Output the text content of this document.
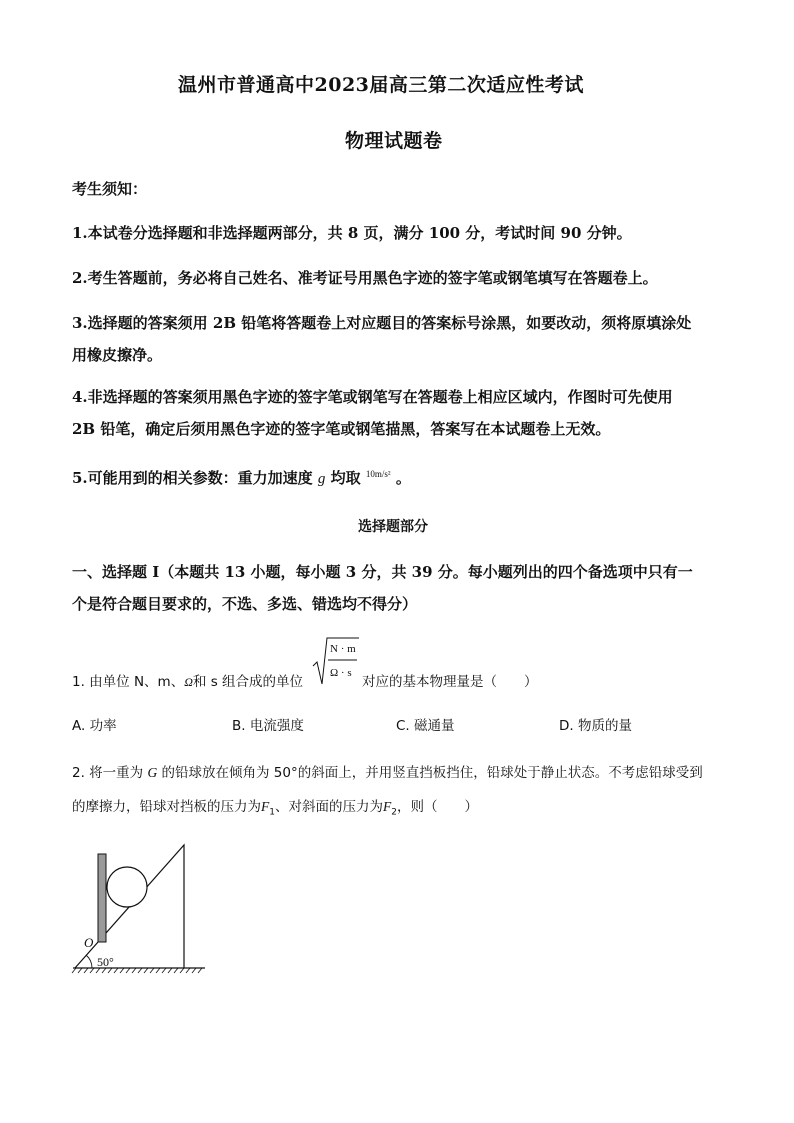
温州市普通高中2023届高三第二次适应性考试
物理试题卷
考生须知：
1.本试卷分选择题和非选择题两部分，共 8 页，满分 100 分，考试时间 90 分钟。
2.考生答题前，务必将自己姓名、准考证号用黑色字迹的签字笔或钢笔填写在答题卷上。
3.选择题的答案须用 2B 铅笔将答题卷上对应题目的答案标号涂黑，如要改动，须将原填涂处
用橡皮擦净。
4.非选择题的答案须用黑色字迹的签字笔或钢笔写在答题卷上相应区域内，作图时可先使用
2B 铅笔，确定后须用黑色字迹的签字笔或钢笔描黑，答案写在本试题卷上无效。
5.可能用到的相关参数：重力加速度 g 均取 $^{10m/s^2}$ 。
选择题部分
一、选择题 I（本题共 13 小题，每小题 3 分，共 39 分。每小题列出的四个备选项中只有一
个是符合题目要求的，不选、多选、错选均不得分）
1. 由单位 N、m、Ω和 s 组合成的单位
N · m
Ω · s
对应的基本物理量是（　　）
A. 功率	B. 电流强度	C. 磁通量	D. 物质的量
2. 将一重为 G 的铅球放在倾角为 50°的斜面上，并用竖直挡板挡住，铅球处于静止状态。不考虑铅球受到
的摩擦力，铅球对挡板的压力为$F_1$、对斜面的压力为$F_2$，则（　　）
O
50°
